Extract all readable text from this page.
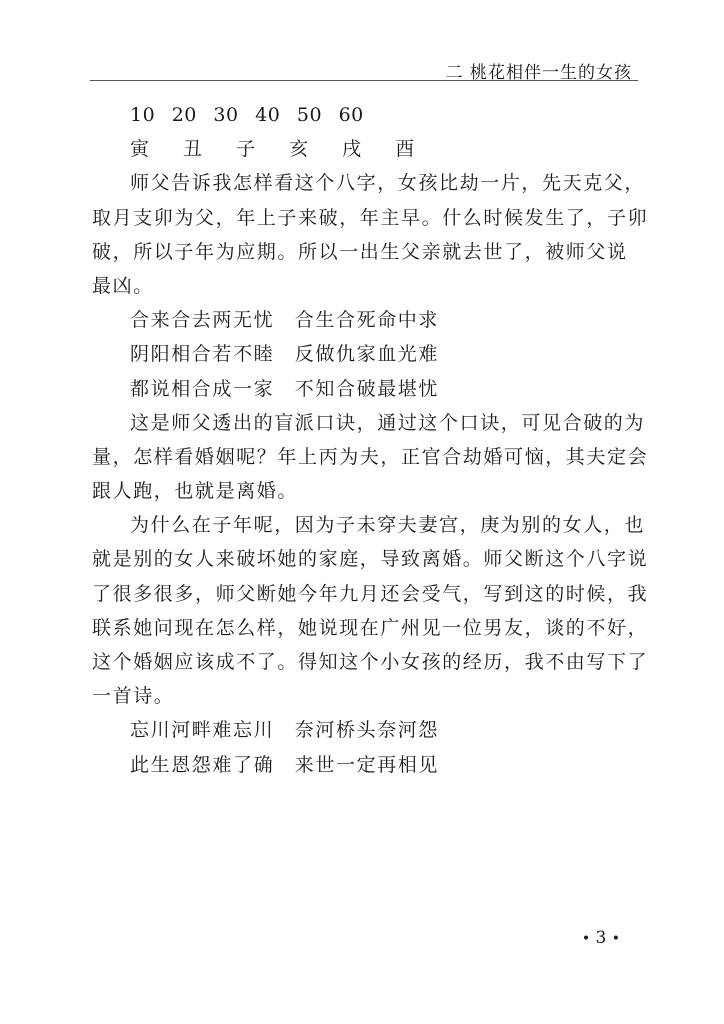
二 桃花相伴一生的女孩
10 20 30 40 50 60
寅 丑 子 亥 戌 酉
师父告诉我怎样看这个八字，女孩比劫一片，先天克父，
取月支卯为父，年上子来破，年主早。什么时候发生了，子卯
破，所以子年为应期。所以一出生父亲就去世了，被师父说
最凶。
合来合去两无忧　合生合死命中求
阴阳相合若不睦　反做仇家血光难
都说相合成一家　不知合破最堪忧
这是师父透出的盲派口诀，通过这个口诀，可见合破的为
量，怎样看婚姻呢？年上丙为夫，正官合劫婚可恼，其夫定会
跟人跑，也就是离婚。
为什么在子年呢，因为子未穿夫妻宫，庚为别的女人，也
就是别的女人来破坏她的家庭，导致离婚。师父断这个八字说
了很多很多，师父断她今年九月还会受气，写到这的时候，我
联系她问现在怎么样，她说现在广州见一位男友，谈的不好，
这个婚姻应该成不了。得知这个小女孩的经历，我不由写下了
一首诗。
忘川河畔难忘川　奈河桥头奈河怨
此生恩怨难了确　来世一定再相见
• 3 •
